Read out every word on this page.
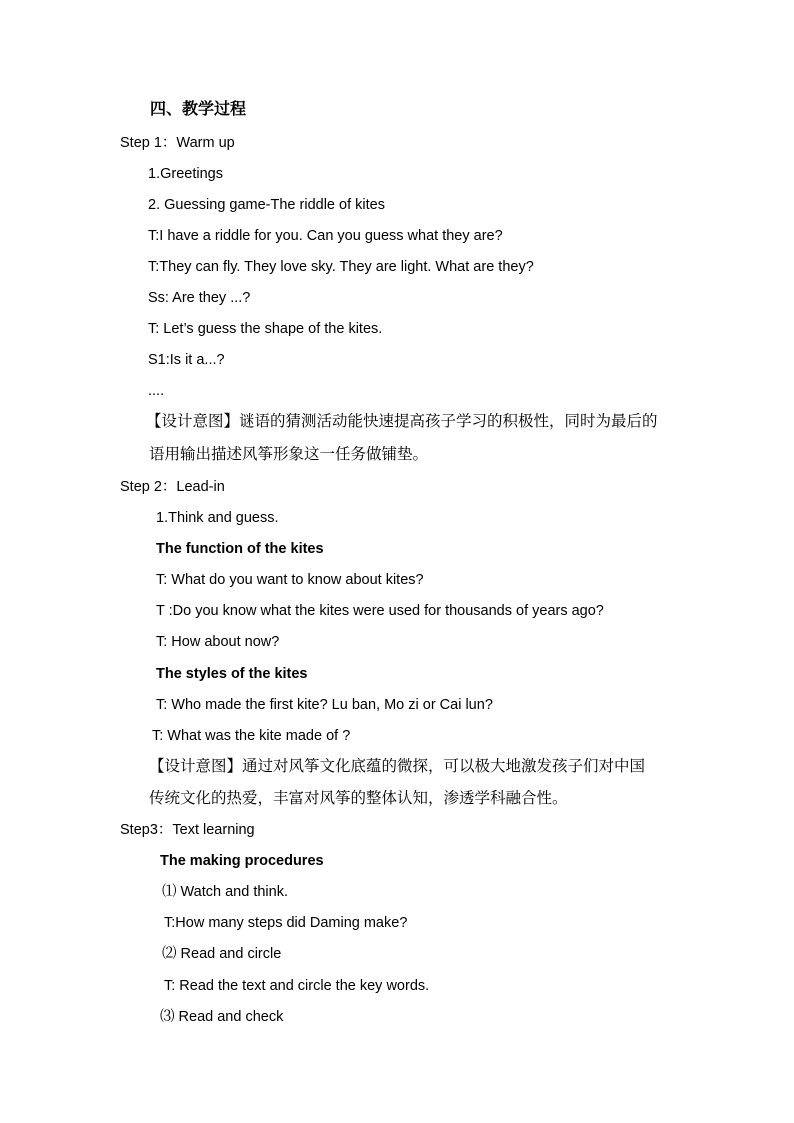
四、教学过程
Step 1：Warm up
1.Greetings
2. Guessing game-The riddle of kites
T:I have a riddle for you. Can you guess what they are?
T:They can fly. They love sky. They are light. What are they?
Ss: Are they ...?
T: Let’s guess the shape of the kites.
S1:Is it a...?
....
【设计意图】谜语的猜测活动能快速提高孩子学习的积极性，同时为最后的
语用输出描述风筝形象这一任务做铺垫。
Step 2：Lead-in
1.Think and guess.
The function of the kites
T: What do you want to know about kites?
T :Do you know what the kites were used for thousands of years ago?
T: How about now?
The styles of the kites
T: Who made the first kite? Lu ban, Mo zi or Cai lun?
T: What was the kite made of ?
【设计意图】通过对风筝文化底蕴的微探，可以极大地激发孩子们对中国
传统文化的热爱，丰富对风筝的整体认知，渗透学科融合性。
Step3：Text learning
The making procedures
⑴ Watch and think.
T:How many steps did Daming make?
⑵ Read and circle
T: Read the text and circle the key words.
⑶ Read and check
